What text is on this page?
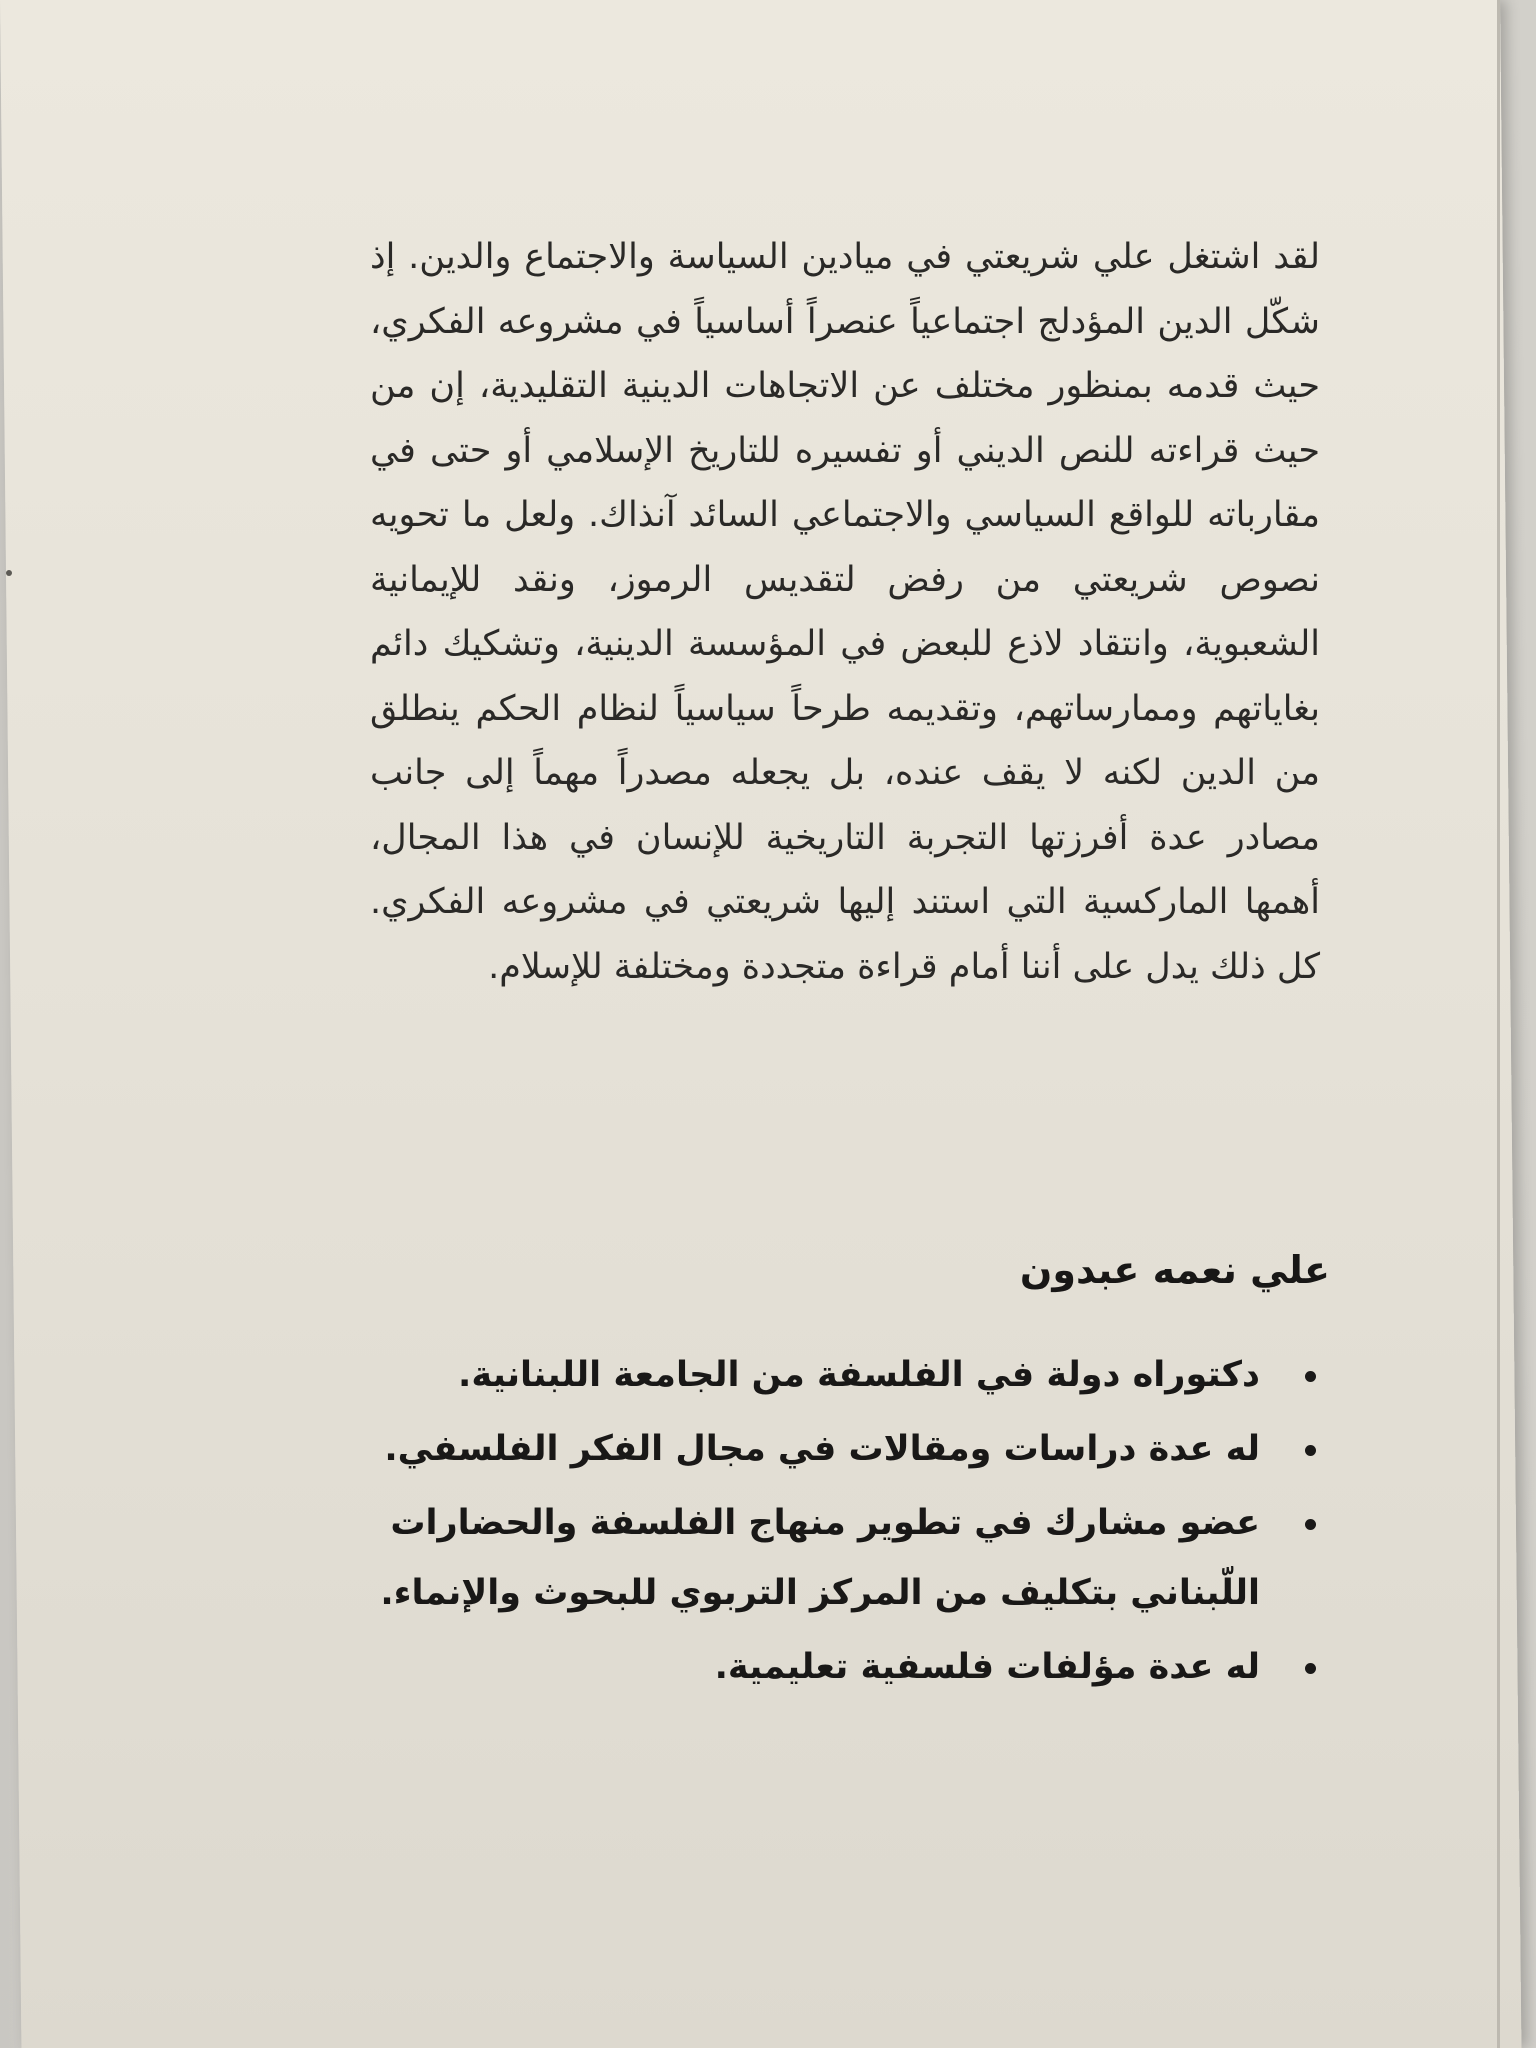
لقد اشتغل علي شريعتي في ميادين السياسة والاجتماع والدين. إذ شكّل الدين المؤدلج اجتماعياً عنصراً أساسياً في مشروعه الفكري، حيث قدمه بمنظور مختلف عن الاتجاهات الدينية التقليدية، إن من حيث قراءته للنص الديني أو تفسيره للتاريخ الإسلامي أو حتى في مقارباته للواقع السياسي والاجتماعي السائد آنذاك. ولعل ما تحويه نصوص شريعتي من رفض لتقديس الرموز، ونقد للإيمانية الشعبوية، وانتقاد لاذع للبعض في المؤسسة الدينية، وتشكيك دائم بغاياتهم وممارساتهم، وتقديمه طرحاً سياسياً لنظام الحكم ينطلق من الدين لكنه لا يقف عنده، بل يجعله مصدراً مهماً إلى جانب مصادر عدة أفرزتها التجربة التاريخية للإنسان في هذا المجال، أهمها الماركسية التي استند إليها شريعتي في مشروعه الفكري. كل ذلك يدل على أننا أمام قراءة متجددة ومختلفة للإسلام.

علي نعمه عبدون
دكتوراه دولة في الفلسفة من الجامعة اللبنانية.
له عدة دراسات ومقالات في مجال الفكر الفلسفي.
عضو مشارك في تطوير منهاج الفلسفة والحضارات اللّبناني بتكليف من المركز التربوي للبحوث والإنماء.
له عدة مؤلفات فلسفية تعليمية.
